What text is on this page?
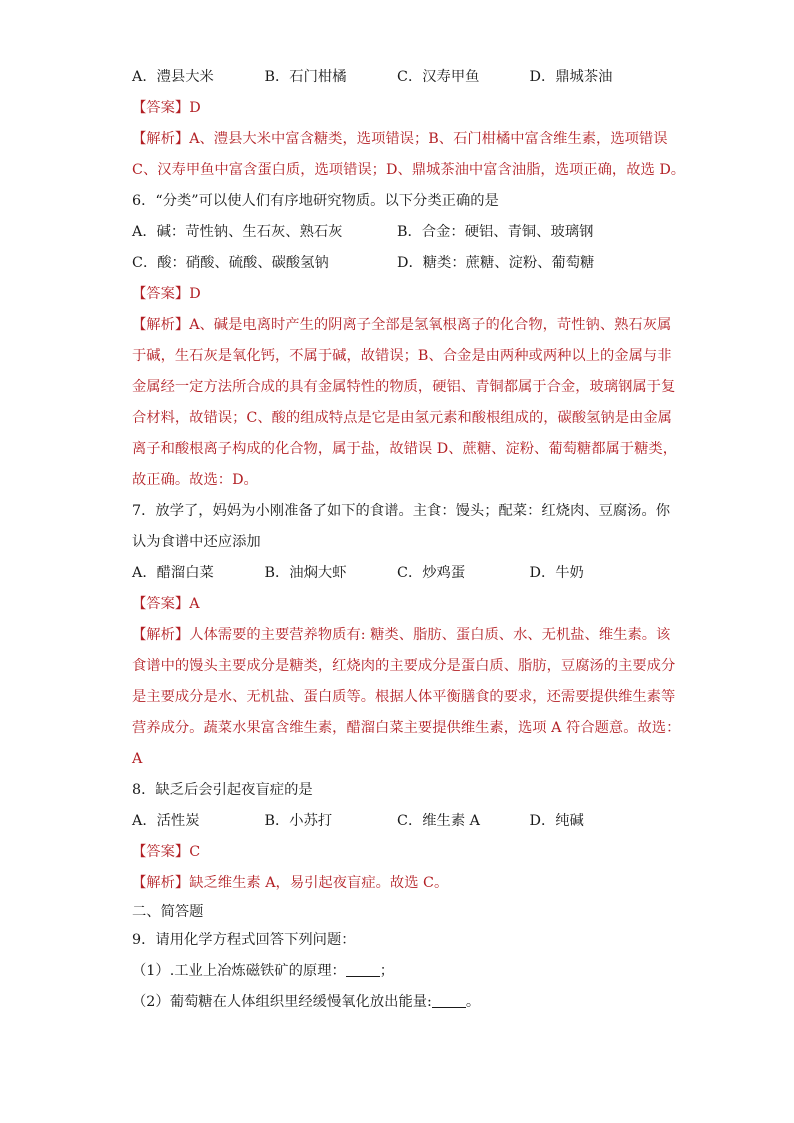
A．澧县大米	B．石门柑橘	C．汉寿甲鱼	D．鼎城茶油
【答案】D
【解析】A、澧县大米中富含糖类，选项错误；B、石门柑橘中富含维生素，选项错误
C、汉寿甲鱼中富含蛋白质，选项错误；D、鼎城茶油中富含油脂，选项正确，故选 D。
6．“分类”可以使人们有序地研究物质。以下分类正确的是
A．碱：苛性钠、生石灰、熟石灰	B．合金：硬铝、青铜、玻璃钢
C．酸：硝酸、硫酸、碳酸氢钠	D．糖类：蔗糖、淀粉、葡萄糖
【答案】D
【解析】A、碱是电离时产生的阴离子全部是氢氧根离子的化合物，苛性钠、熟石灰属
于碱，生石灰是氧化钙，不属于碱，故错误；B、合金是由两种或两种以上的金属与非
金属经一定方法所合成的具有金属特性的物质，硬铝、青铜都属于合金，玻璃钢属于复
合材料，故错误；C、酸的组成特点是它是由氢元素和酸根组成的，碳酸氢钠是由金属
离子和酸根离子构成的化合物，属于盐，故错误 D、蔗糖、淀粉、葡萄糖都属于糖类，
故正确。故选：D。
7．放学了，妈妈为小刚准备了如下的食谱。主食：馒头；配菜：红烧肉、豆腐汤。你
认为食谱中还应添加
A．醋溜白菜	B．油焖大虾	C．炒鸡蛋	D．牛奶
【答案】A
【解析】人体需要的主要营养物质有: 糖类、脂肪、蛋白质、水、无机盐、维生素。该
食谱中的馒头主要成分是糖类，红烧肉的主要成分是蛋白质、脂肪，豆腐汤的主要成分
是主要成分是水、无机盐、蛋白质等。根据人体平衡膳食的要求，还需要提供维生素等
营养成分。蔬菜水果富含维生素，醋溜白菜主要提供维生素，选项 A 符合题意。故选：
A
8．缺乏后会引起夜盲症的是
A．活性炭	B．小苏打	C．维生素 A	D．纯碱
【答案】C
【解析】缺乏维生素 A，易引起夜盲症。故选 C。
二、简答题
9．请用化学方程式回答下列问题：
（1）.工业上冶炼磁铁矿的原理： ；
（2）葡萄糖在人体组织里经缓慢氧化放出能量: 。
